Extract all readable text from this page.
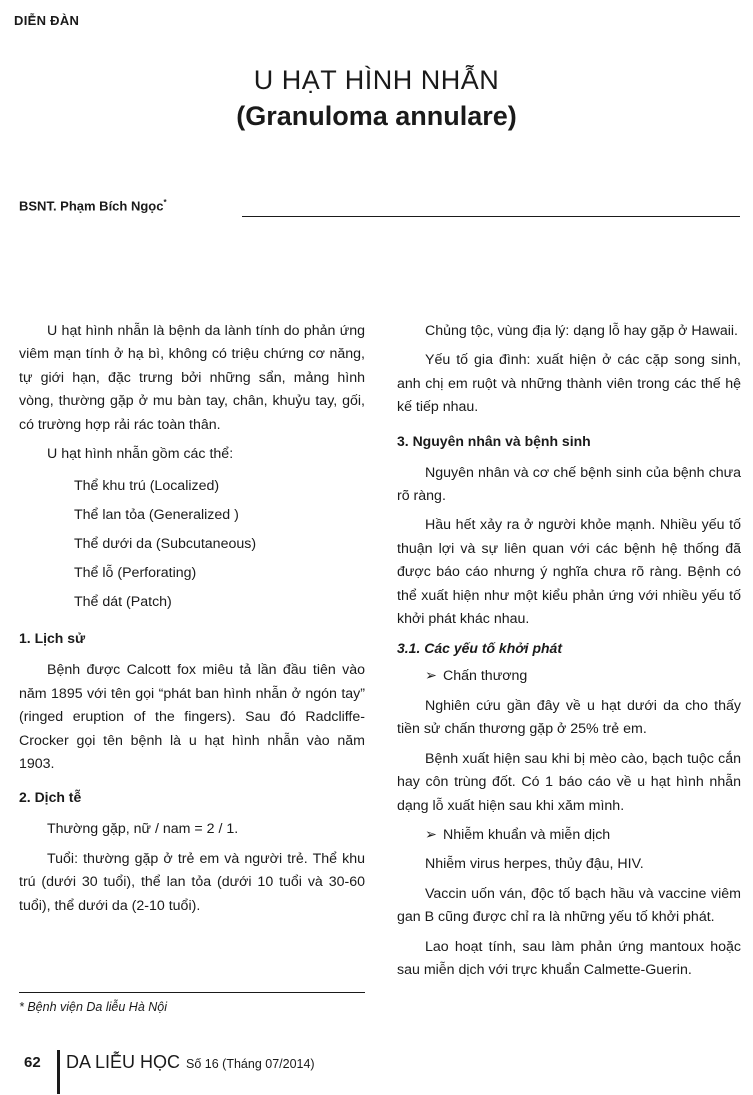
DIỄN ĐÀN
U HẠT HÌNH NHẪN
(Granuloma annulare)
BSNT. Phạm Bích Ngọc*

U hạt hình nhẫn là bệnh da lành tính do phản ứng viêm mạn tính ở hạ bì, không có triệu chứng cơ năng, tự giới hạn, đặc trưng bởi những sẩn, mảng hình vòng, thường gặp ở mu bàn tay, chân, khuỷu tay, gối, có trường hợp rải rác toàn thân.

U hạt hình nhẫn gồm các thể:

Thể khu trú (Localized)
Thể lan tỏa (Generalized )
Thể dưới da (Subcutaneous)
Thể lỗ (Perforating)
Thể dát (Patch)
1. Lịch sử

Bệnh được Calcott fox miêu tả lần đầu tiên vào năm 1895 với tên gọi “phát ban hình nhẫn ở ngón tay” (ringed eruption of the fingers). Sau đó Radcliffe-Crocker gọi tên bệnh là u hạt hình nhẫn vào năm 1903.

2. Dịch tễ

Thường gặp, nữ / nam = 2 / 1.

Tuổi: thường gặp ở trẻ em và người trẻ. Thể khu trú (dưới 30 tuổi), thể lan tỏa (dưới 10 tuổi và 30-60 tuổi), thể dưới da (2-10 tuổi).

Chủng tộc, vùng địa lý: dạng lỗ hay gặp ở Hawaii.

Yếu tố gia đình: xuất hiện ở các cặp song sinh, anh chị em ruột và những thành viên trong các thế hệ kế tiếp nhau.

3. Nguyên nhân và bệnh sinh

Nguyên nhân và cơ chế bệnh sinh của bệnh chưa rõ ràng.

Hầu hết xảy ra ở người khỏe mạnh. Nhiều yếu tố thuận lợi và sự liên quan với các bệnh hệ thống đã được báo cáo nhưng ý nghĩa chưa rõ ràng. Bệnh có thể xuất hiện như một kiểu phản ứng với nhiều yếu tố khởi phát khác nhau.

3.1. Các yếu tố khởi phát
➢ Chấn thương

Nghiên cứu gần đây về u hạt dưới da cho thấy tiền sử chấn thương gặp ở 25% trẻ em.

Bệnh xuất hiện sau khi bị mèo cào, bạch tuộc cắn hay côn trùng đốt. Có 1 báo cáo về u hạt hình nhẫn dạng lỗ xuất hiện sau khi xăm mình.

➢ Nhiễm khuẩn và miễn dịch

Nhiễm virus herpes, thủy đậu, HIV.

Vaccin uốn ván, độc tố bạch hầu và vaccine viêm gan B cũng được chỉ ra là những yếu tố khởi phát.

Lao hoạt tính, sau làm phản ứng mantoux hoặc sau miễn dịch với trực khuẩn Calmette-Guerin.

* Bệnh viện Da liễu Hà Nội
62 DA LIỄU HỌC Số 16 (Tháng 07/2014)
